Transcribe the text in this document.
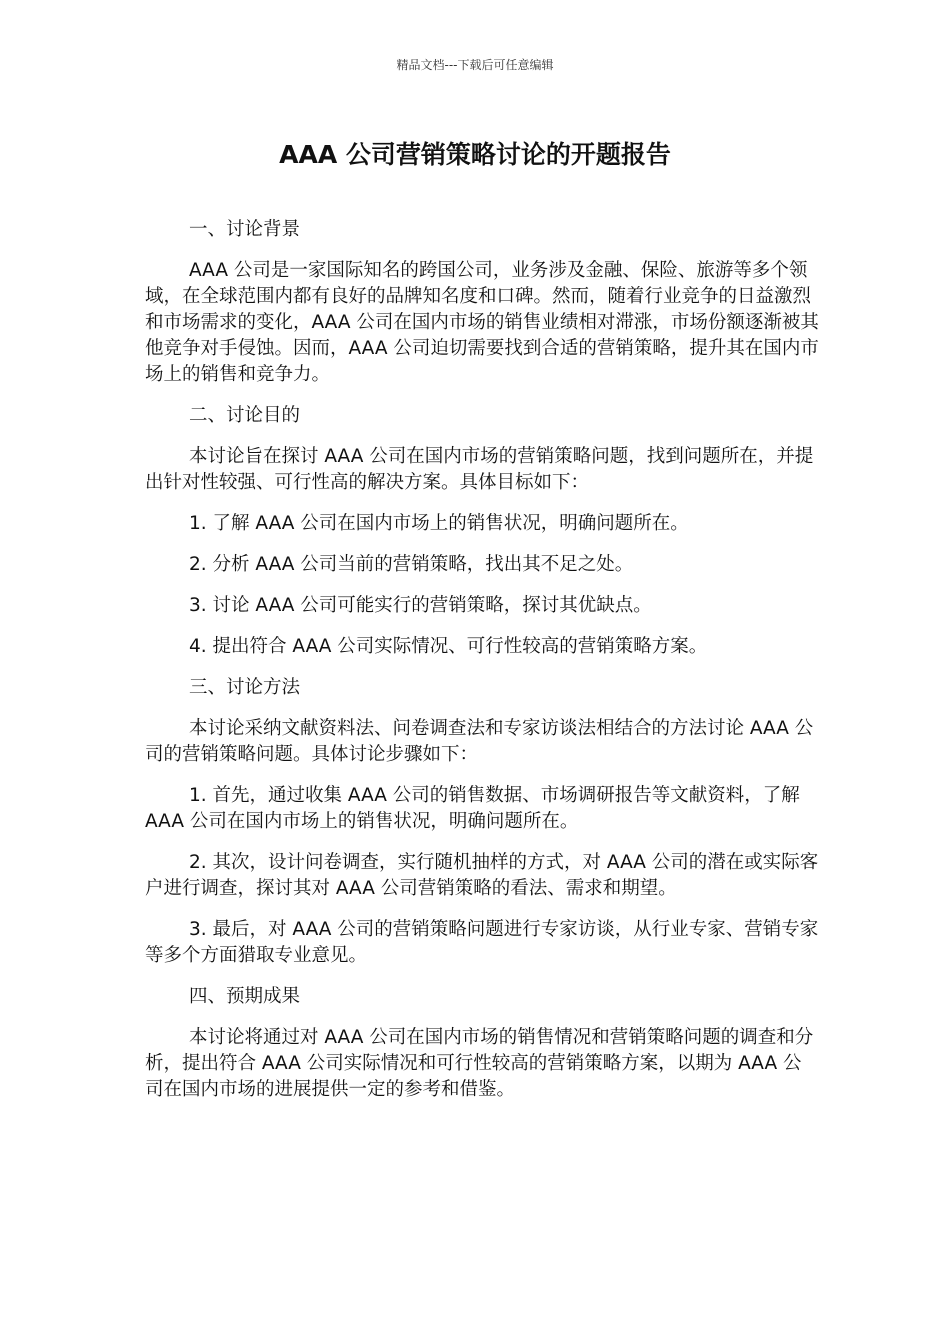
精品文档---下载后可任意编辑
AAA 公司营销策略讨论的开题报告

一、讨论背景

AAA 公司是一家国际知名的跨国公司，业务涉及金融、保险、旅游等多个领域，在全球范围内都有良好的品牌知名度和口碑。然而，随着行业竞争的日益激烈和市场需求的变化，AAA 公司在国内市场的销售业绩相对滞涨，市场份额逐渐被其他竞争对手侵蚀。因而，AAA 公司迫切需要找到合适的营销策略，提升其在国内市场上的销售和竞争力。

二、讨论目的

本讨论旨在探讨 AAA 公司在国内市场的营销策略问题，找到问题所在，并提出针对性较强、可行性高的解决方案。具体目标如下：

1. 了解 AAA 公司在国内市场上的销售状况，明确问题所在。

2. 分析 AAA 公司当前的营销策略，找出其不足之处。

3. 讨论 AAA 公司可能实行的营销策略，探讨其优缺点。

4. 提出符合 AAA 公司实际情况、可行性较高的营销策略方案。

三、讨论方法

本讨论采纳文献资料法、问卷调查法和专家访谈法相结合的方法讨论 AAA 公司的营销策略问题。具体讨论步骤如下：

1. 首先，通过收集 AAA 公司的销售数据、市场调研报告等文献资料，了解 AAA 公司在国内市场上的销售状况，明确问题所在。

2. 其次，设计问卷调查，实行随机抽样的方式，对 AAA 公司的潜在或实际客户进行调查，探讨其对 AAA 公司营销策略的看法、需求和期望。

3. 最后，对 AAA 公司的营销策略问题进行专家访谈，从行业专家、营销专家等多个方面猎取专业意见。

四、预期成果

本讨论将通过对 AAA 公司在国内市场的销售情况和营销策略问题的调查和分析，提出符合 AAA 公司实际情况和可行性较高的营销策略方案，以期为 AAA 公司在国内市场的进展提供一定的参考和借鉴。
